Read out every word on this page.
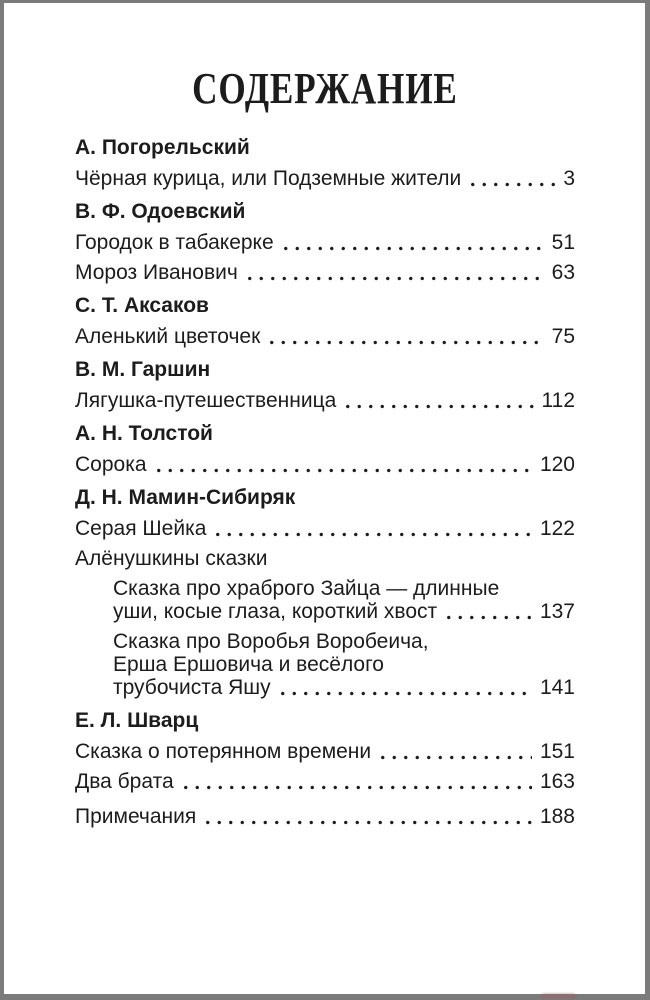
СОДЕРЖАНИЕ
А. Погорельский
Чёрная курица, или Подземные жители	3
В. Ф. Одоевский
Городок в табакерке	51
Мороз Иванович	63
С. Т. Аксаков
Аленький цветочек	75
В. М. Гаршин
Лягушка-путешественница	112
А. Н. Толстой
Сорока	120
Д. Н. Мамин-Сибиряк
Серая Шейка	122
Алёнушкины сказки
Сказка про храброго Зайца — длинные
уши, косые глаза, короткий хвост	137
Сказка про Воробья Воробеича,
Ерша Ершовича и весёлого
трубочиста Яшу	141
Е. Л. Шварц
Сказка о потерянном времени	151
Два брата	163
Примечания	188
